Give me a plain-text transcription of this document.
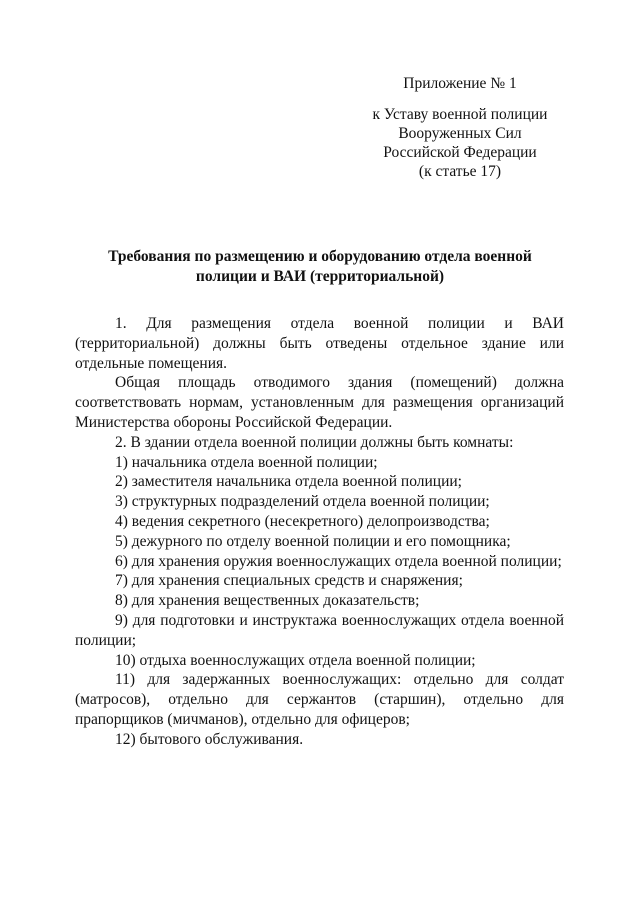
Приложение № 1
к Уставу военной полиции
Вооруженных Сил
Российской Федерации
(к статье 17)
Требования по размещению и оборудованию отдела военной полиции и ВАИ (территориальной)

1. Для размещения отдела военной полиции и ВАИ (территориальной) должны быть отведены отдельное здание или отдельные помещения.

Общая площадь отводимого здания (помещений) должна соответствовать нормам, установленным для размещения организаций Министерства обороны Российской Федерации.

2. В здании отдела военной полиции должны быть комнаты:

1) начальника отдела военной полиции;

2) заместителя начальника отдела военной полиции;

3) структурных подразделений отдела военной полиции;

4) ведения секретного (несекретного) делопроизводства;

5) дежурного по отделу военной полиции и его помощника;

6) для хранения оружия военнослужащих отдела военной полиции;

7) для хранения специальных средств и снаряжения;

8) для хранения вещественных доказательств;

9) для подготовки и инструктажа военнослужащих отдела военной полиции;

10) отдыха военнослужащих отдела военной полиции;

11) для задержанных военнослужащих: отдельно для солдат (матросов), отдельно для сержантов (старшин), отдельно для прапорщиков (мичманов), отдельно для офицеров;

12) бытового обслуживания.
